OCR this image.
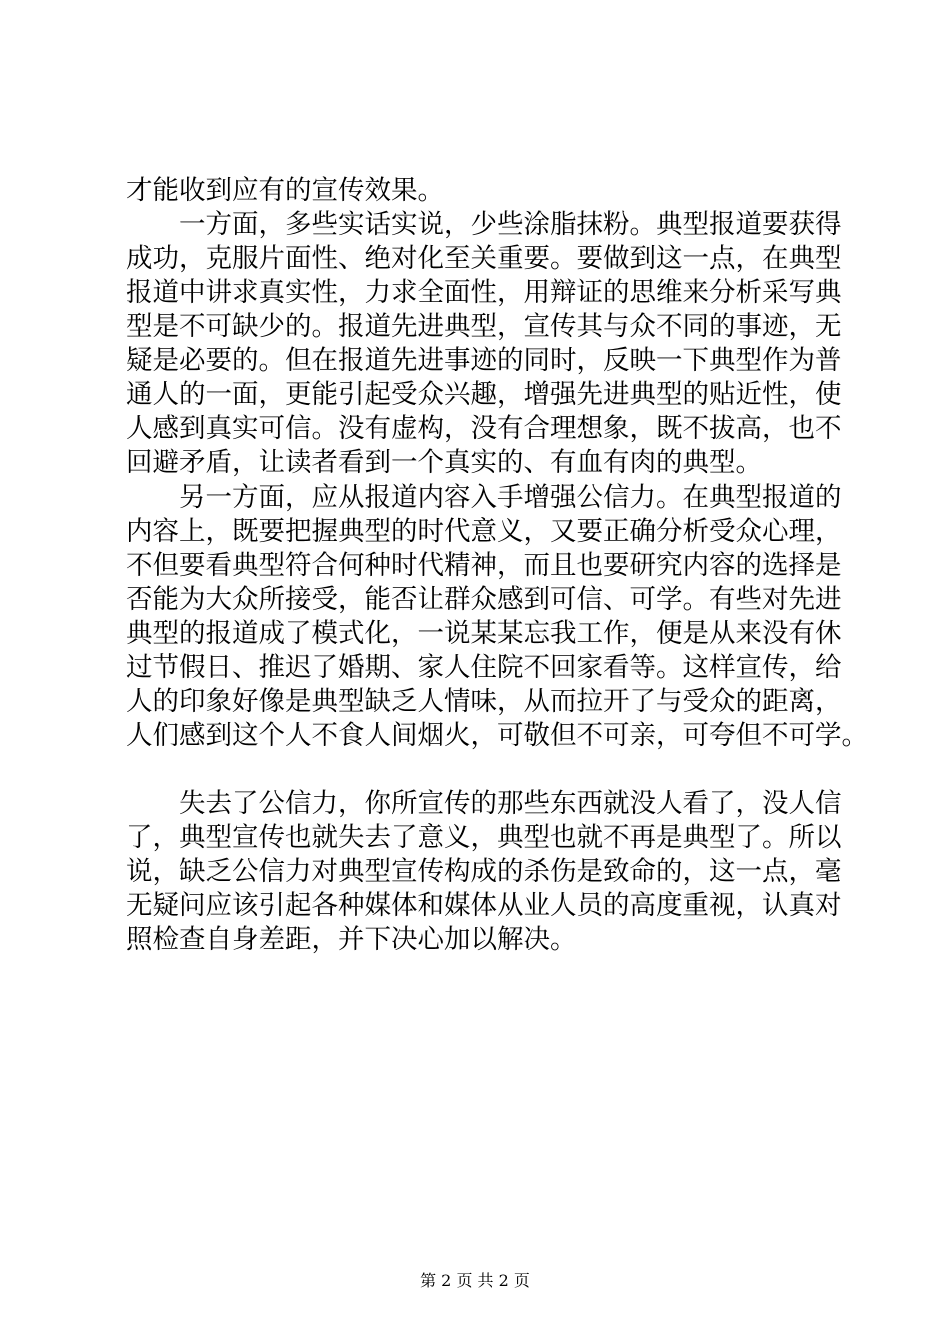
才能收到应有的宣传效果。
一方面，多些实话实说，少些涂脂抹粉。典型报道要获得
成功，克服片面性、绝对化至关重要。要做到这一点，在典型
报道中讲求真实性，力求全面性，用辩证的思维来分析采写典
型是不可缺少的。报道先进典型，宣传其与众不同的事迹，无
疑是必要的。但在报道先进事迹的同时，反映一下典型作为普
通人的一面，更能引起受众兴趣，增强先进典型的贴近性，使
人感到真实可信。没有虚构，没有合理想象，既不拔高，也不
回避矛盾，让读者看到一个真实的、有血有肉的典型。
另一方面，应从报道内容入手增强公信力。在典型报道的
内容上，既要把握典型的时代意义，又要正确分析受众心理，
不但要看典型符合何种时代精神，而且也要研究内容的选择是
否能为大众所接受，能否让群众感到可信、可学。有些对先进
典型的报道成了模式化，一说某某忘我工作，便是从来没有休
过节假日、推迟了婚期、家人住院不回家看等。这样宣传，给
人的印象好像是典型缺乏人情味，从而拉开了与受众的距离，
人们感到这个人不食人间烟火，可敬但不可亲，可夸但不可学。
失去了公信力，你所宣传的那些东西就没人看了，没人信
了，典型宣传也就失去了意义，典型也就不再是典型了。所以
说，缺乏公信力对典型宣传构成的杀伤是致命的，这一点，毫
无疑问应该引起各种媒体和媒体从业人员的高度重视，认真对
照检查自身差距，并下决心加以解决。
第 2 页 共 2 页
